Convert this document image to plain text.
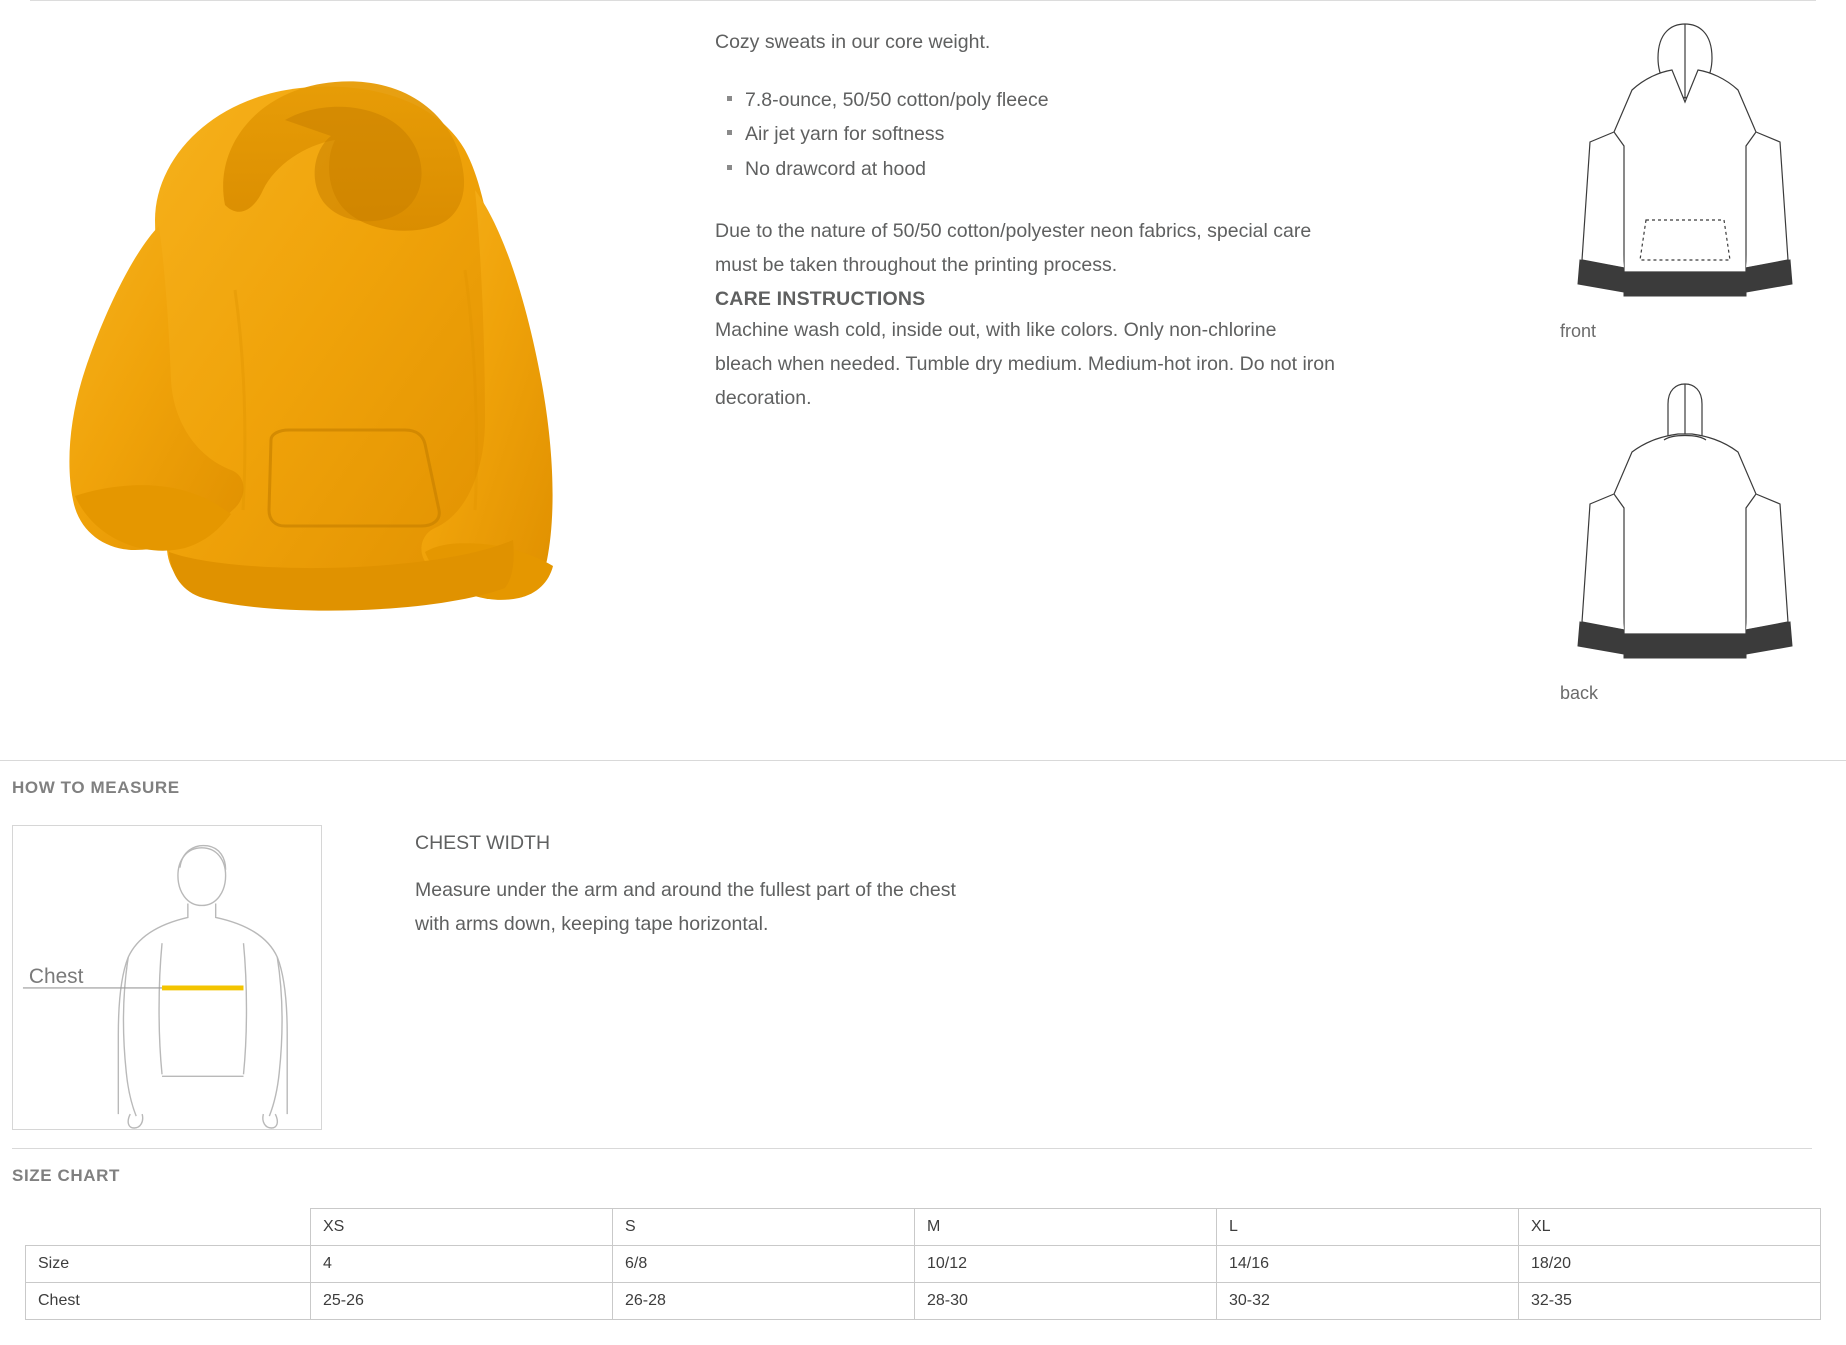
Cozy sweats in our core weight.

7.8-ounce, 50/50 cotton/poly fleece
Air jet yarn for softness
No drawcord at hood

Due to the nature of 50/50 cotton/polyester neon fabrics, special care must be taken throughout the printing process.

CARE INSTRUCTIONS

Machine wash cold, inside out, with like colors. Only non-chlorine bleach when needed. Tumble dry medium. Medium-hot iron. Do not iron decoration.

front
back
HOW TO MEASURE
Chest
CHEST WIDTH

Measure under the arm and around the fullest part of the chest

with arms down, keeping tape horizontal.

SIZE CHART
	XS	S	M	L	XL
Size	4	6/8	10/12	14/16	18/20
Chest	25-26	26-28	28-30	30-32	32-35
